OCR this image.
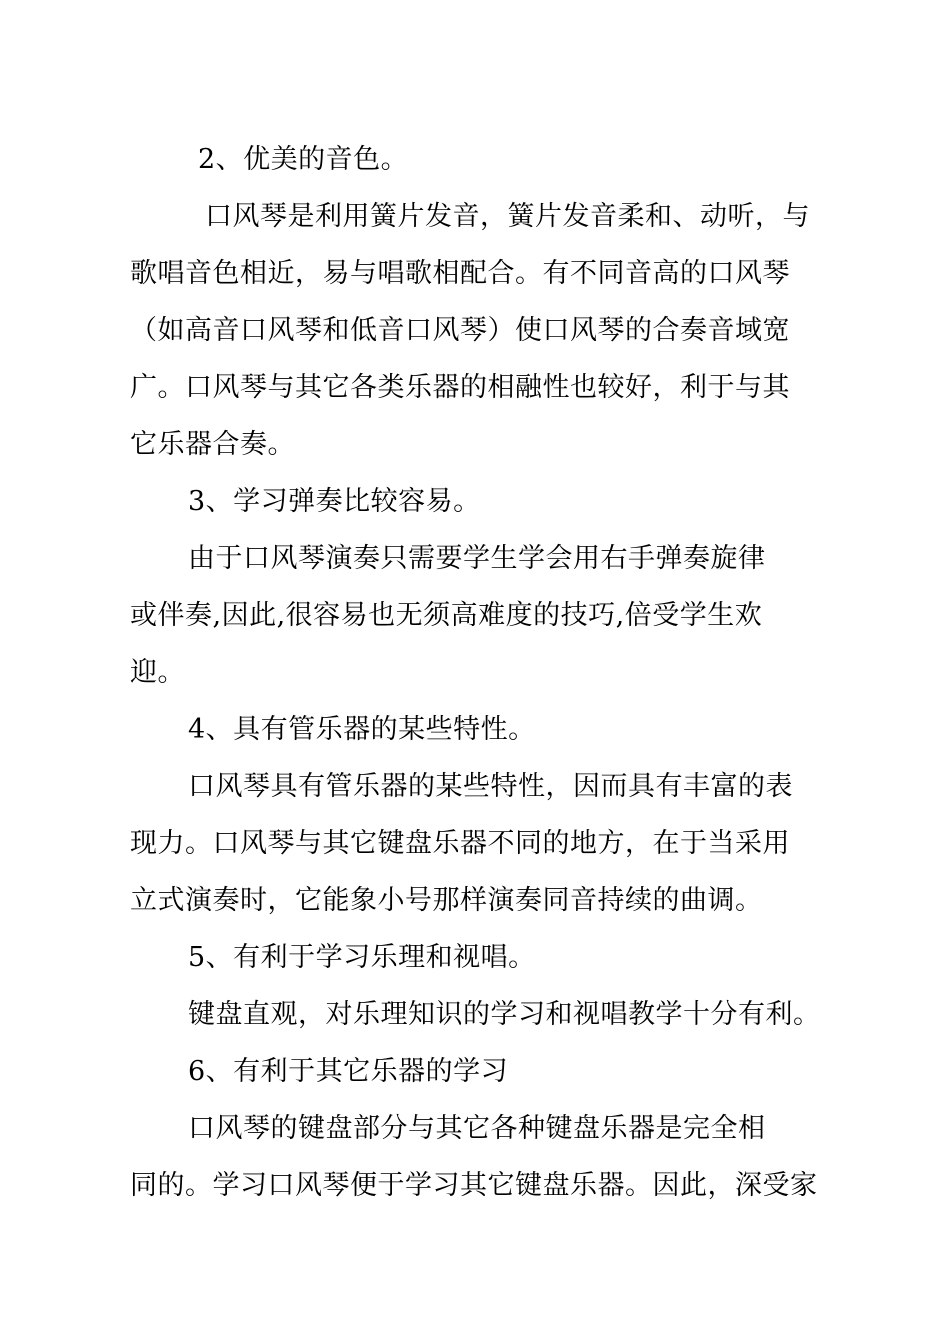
2、优美的音色。
口风琴是利用簧片发音，簧片发音柔和、动听，与
歌唱音色相近，易与唱歌相配合。有不同音高的口风琴
（如高音口风琴和低音口风琴）使口风琴的合奏音域宽
广。口风琴与其它各类乐器的相融性也较好，利于与其
它乐器合奏。
3、学习弹奏比较容易。
由于口风琴演奏只需要学生学会用右手弹奏旋律
或伴奏,因此,很容易也无须高难度的技巧,倍受学生欢
迎。
4、具有管乐器的某些特性。
口风琴具有管乐器的某些特性，因而具有丰富的表
现力。口风琴与其它键盘乐器不同的地方，在于当采用
立式演奏时，它能象小号那样演奏同音持续的曲调。
5、有利于学习乐理和视唱。
键盘直观，对乐理知识的学习和视唱教学十分有利。
6、有利于其它乐器的学习
口风琴的键盘部分与其它各种键盘乐器是完全相
同的。学习口风琴便于学习其它键盘乐器。因此，深受家
